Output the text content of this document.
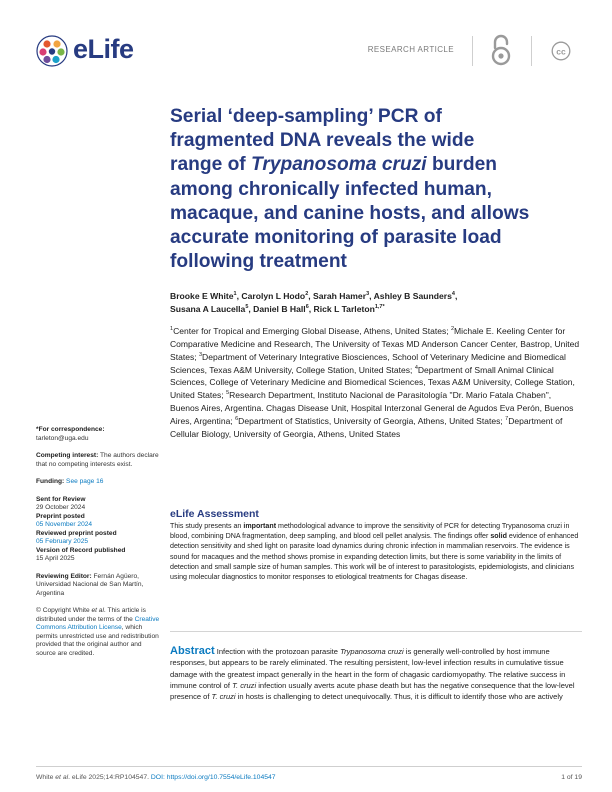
eLife	RESEARCH ARTICLE	cc
Serial ‘deep-sampling’ PCR of
fragmented DNA reveals the wide
range of Trypanosoma cruzi burden
among chronically infected human,
macaque, and canine hosts, and allows
accurate monitoring of parasite load
following treatment
Brooke E White$^1$, Carolyn L Hodo$^2$, Sarah Hamer$^3$, Ashley B Saunders$^4$,
Susana A Laucella$^5$, Daniel B Hall$^6$, Rick L Tarleton$^{1,7*}$
$^1$Center for Tropical and Emerging Global Disease, Athens, United States; $^2$Michale E. Keeling Center for Comparative Medicine and Research, The University of Texas MD Anderson Cancer Center, Bastrop, United States; $^3$Department of Veterinary Integrative Biosciences, School of Veterinary Medicine and Biomedical Sciences, Texas A&M University, College Station, United States; $^4$Department of Small Animal Clinical Sciences, College of Veterinary Medicine and Biomedical Sciences, Texas A&M University, College Station, United States; $^5$Research Department, Instituto Nacional de Parasitología "Dr. Mario Fatala Chaben", Buenos Aires, Argentina. Chagas Disease Unit, Hospital Interzonal General de Agudos Eva Perón, Buenos Aires, Argentina; $^6$Department of Statistics, University of Georgia, Athens, United States; $^7$Department of Cellular Biology, University of Georgia, Athens, United States
*For correspondence:
tarleton@uga.edu
Competing interest: The authors declare that no competing interests exist.
Funding: See page 16
Sent for Review
29 October 2024
Preprint posted
05 November 2024
Reviewed preprint posted
05 February 2025
Version of Record published
15 April 2025
Reviewing Editor: Fernán Agüero, Universidad Nacional de San Martín, Argentina
© Copyright White et al. This article is distributed under the terms of the Creative Commons Attribution License, which permits unrestricted use and redistribution provided that the original author and source are credited.
eLife Assessment
This study presents an important methodological advance to improve the sensitivity of PCR for detecting Trypanosoma cruzi in blood, combining DNA fragmentation, deep sampling, and blood cell pellet analysis. The findings offer solid evidence of enhanced detection sensitivity and shed light on parasite load dynamics during chronic infection in mammalian reservoirs. The evidence is sound for macaques and the method shows promise in expanding detection limits, but there is some variability in the limits of detection and small sample size of human samples. This work will be of interest to parasitologists, epidemiologists, and clinicians using molecular diagnostics to monitor responses to etiological treatments for Chagas disease.
Abstract Infection with the protozoan parasite Trypanosoma cruzi is generally well-controlled by host immune responses, but appears to be rarely eliminated. The resulting persistent, low-level infection results in cumulative tissue damage with the greatest impact generally in the heart in the form of chagasic cardiomyopathy. The relative success in immune control of T. cruzi infection usually averts acute phase death but has the negative consequence that the low-level presence of T. cruzi in hosts is challenging to detect unequivocally. Thus, it is difficult to identify those who are actively
White et al. eLife 2025;14:RP104547. DOI: https://doi.org/10.7554/eLife.104547	1 of 19
